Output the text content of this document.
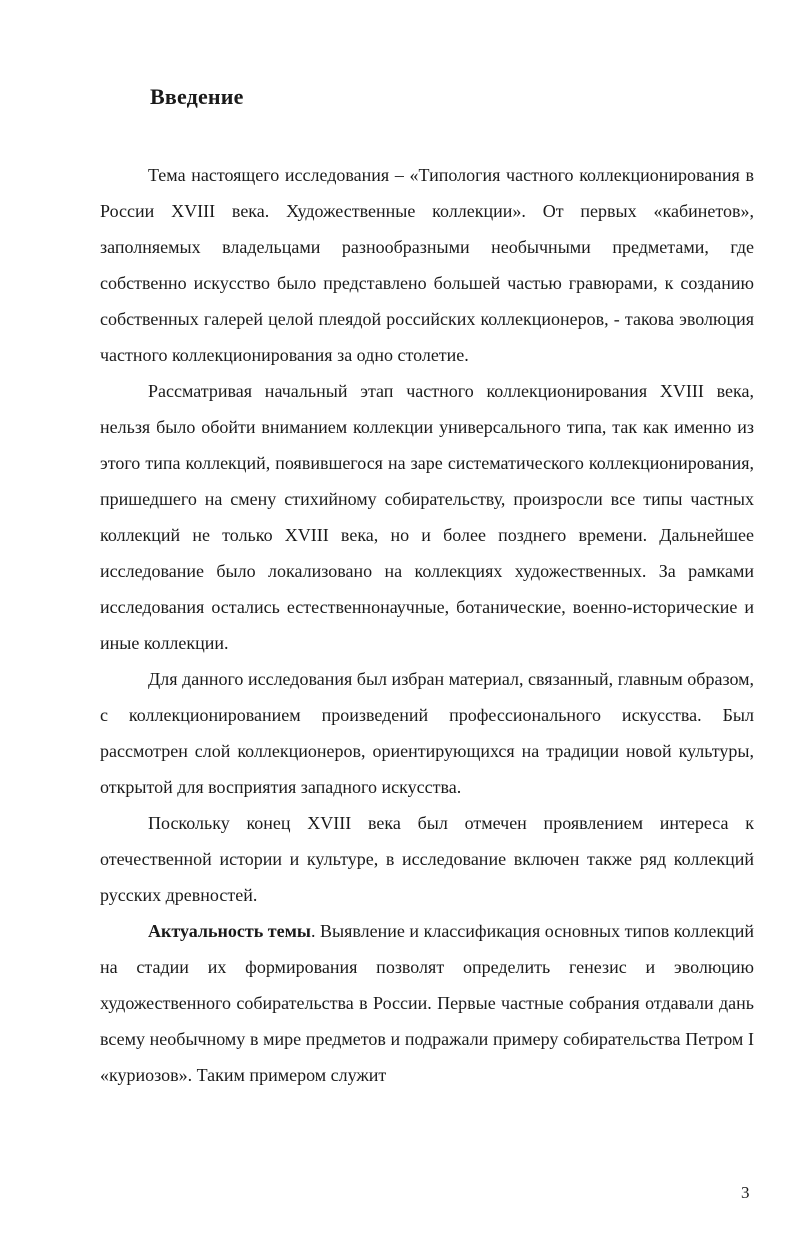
Введение

Тема настоящего исследования – «Типология частного коллекционирования в России XVIII века. Художественные коллекции». От первых «кабинетов», заполняемых владельцами разнообразными необычными предметами, где собственно искусство было представлено большей частью гравюрами, к созданию собственных галерей целой плеядой российских коллекционеров, - такова эволюция частного коллекционирования за одно столетие.

Рассматривая начальный этап частного коллекционирования XVIII века, нельзя было обойти вниманием коллекции универсального типа, так как именно из этого типа коллекций, появившегося на заре систематического коллекционирования, пришедшего на смену стихийному собирательству, произросли все типы частных коллекций не только XVIII века, но и более позднего времени. Дальнейшее исследование было локализовано на коллекциях художественных. За рамками исследования остались естественнонаучные, ботанические, военно-исторические и иные коллекции.

Для данного исследования был избран материал, связанный, главным образом, с коллекционированием произведений профессионального искусства. Был рассмотрен слой коллекционеров, ориентирующихся на традиции новой культуры, открытой для восприятия западного искусства.

Поскольку конец XVIII века был отмечен проявлением интереса к отечественной истории и культуре, в исследование включен также ряд коллекций русских древностей.

Актуальность темы. Выявление и классификация основных типов коллекций на стадии их формирования позволят определить генезис и эволюцию художественного собирательства в России. Первые частные собрания отдавали дань всему необычному в мире предметов и подражали примеру собирательства Петром I «куриозов». Таким примером служит

3
